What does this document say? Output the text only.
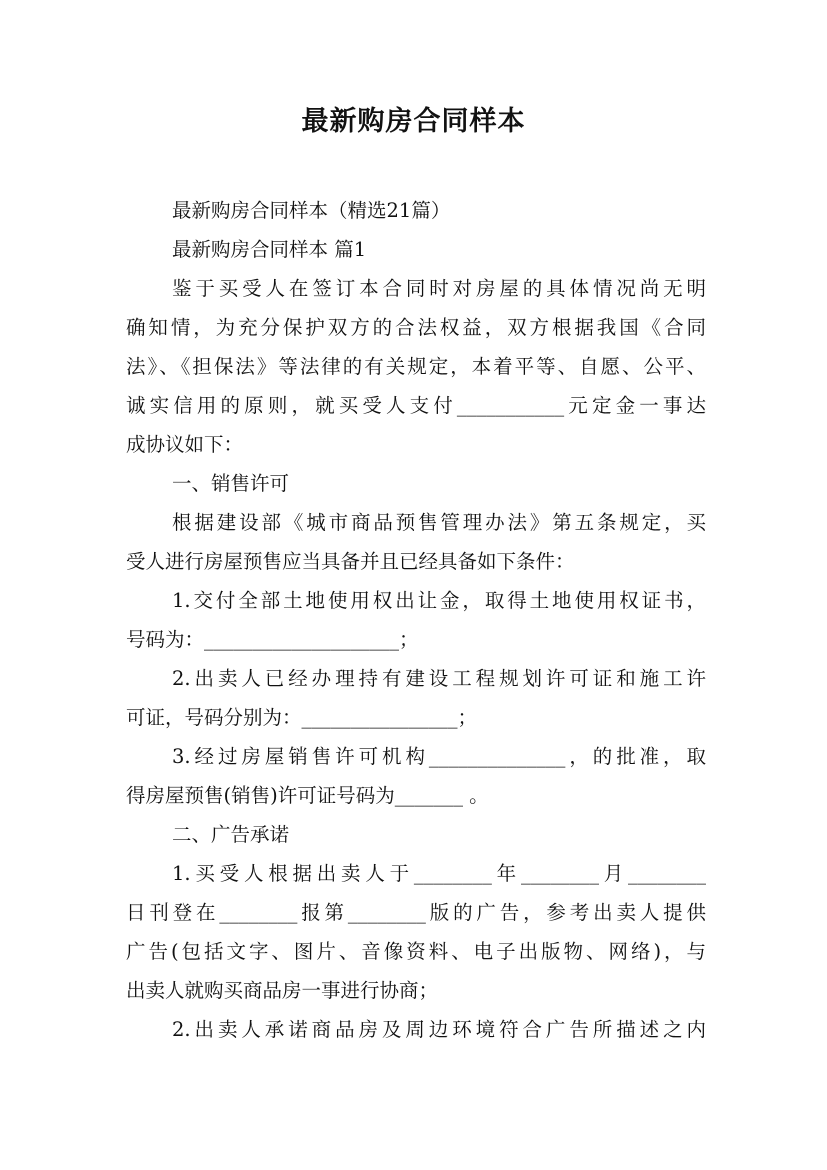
最新购房合同样本
最新购房合同样本（精选21篇）
最新购房合同样本 篇1
鉴于买受人在签订本合同时对房屋的具体情况尚无明
确知情，为充分保护双方的合法权益，双方根据我国《合同
法》、《担保法》等法律的有关规定，本着平等、自愿、公平、
诚实信用的原则，就买受人支付___________元定金一事达
成协议如下：
一、销售许可
根据建设部《城市商品预售管理办法》第五条规定，买
受人进行房屋预售应当具备并且已经具备如下条件：
1.交付全部土地使用权出让金，取得土地使用权证书，
号码为：____________________；
2.出卖人已经办理持有建设工程规划许可证和施工许
可证，号码分别为：________________；
3.经过房屋销售许可机构______________，的批准，取
得房屋预售(销售)许可证号码为_______ 。
二、广告承诺
1.买受人根据出卖人于________年________月________
日刊登在________报第________版的广告，参考出卖人提供
广告(包括文字、图片、音像资料、电子出版物、网络)，与
出卖人就购买商品房一事进行协商；
2.出卖人承诺商品房及周边环境符合广告所描述之内
